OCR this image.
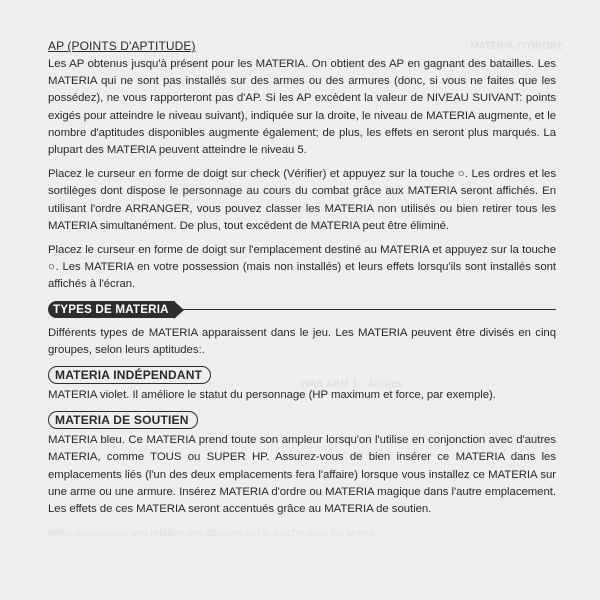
MATERIA D'ORDRE
WAR ARM 1 · Arimes
effets nécessaires une relation des attaques sur le touche dans les armes
AP (POINTS D'APTITUDE)

Les AP obtenus jusqu'à présent pour les MATERIA. On obtient des AP en gagnant des batailles. Les MATERIA qui ne sont pas installés sur des armes ou des armures (donc, si vous ne faites que les possédez), ne vous rapporteront pas d'AP. Si les AP excèdent la valeur de NIVEAU SUIVANT: points exigés pour atteindre le niveau suivant), indiquée sur la droite, le niveau de MATERIA augmente, et le nombre d'aptitudes disponibles augmente également; de plus, les effets en seront plus marqués. La plupart des MATERIA peuvent atteindre le niveau 5.

Placez le curseur en forme de doigt sur check (Vérifier) et appuyez sur la touche ○. Les ordres et les sortilèges dont dispose le personnage au cours du combat grâce aux MATERIA seront affichés. En utilisant l'ordre ARRANGER, vous pouvez classer les MATERIA non utilisés ou bien retirer tous les MATERIA simultanément. De plus, tout excédent de MATERIA peut être éliminé.

Placez le curseur en forme de doigt sur l'emplacement destiné au MATERIA et appuyez sur la touche ○. Les MATERIA en votre possession (mais non installés) et leurs effets lorsqu'ils sont installés sont affichés à l'écran.

TYPES DE MATERIA

Différents types de MATERIA apparaissent dans le jeu. Les MATERIA peuvent être divisés en cinq groupes, selon leurs aptitudes:.

MATERIA INDÉPENDANT

MATERIA violet. Il améliore le statut du personnage (HP maximum et force, par exemple).

MATERIA DE SOUTIEN

MATERIA bleu. Ce MATERIA prend toute son ampleur lorsqu'on l'utilise en conjonction avec d'autres MATERIA, comme TOUS ou SUPER HP. Assurez-vous de bien insérer ce MATERIA dans les emplacements liés (l'un des deux emplacements fera l'affaire) lorsque vous installez ce MATERIA sur une arme ou une armure. Insérez MATERIA d'ordre ou MATERIA magique dans l'autre emplacement. Les effets de ces MATERIA seront accentués grâce au MATERIA de soutien.
